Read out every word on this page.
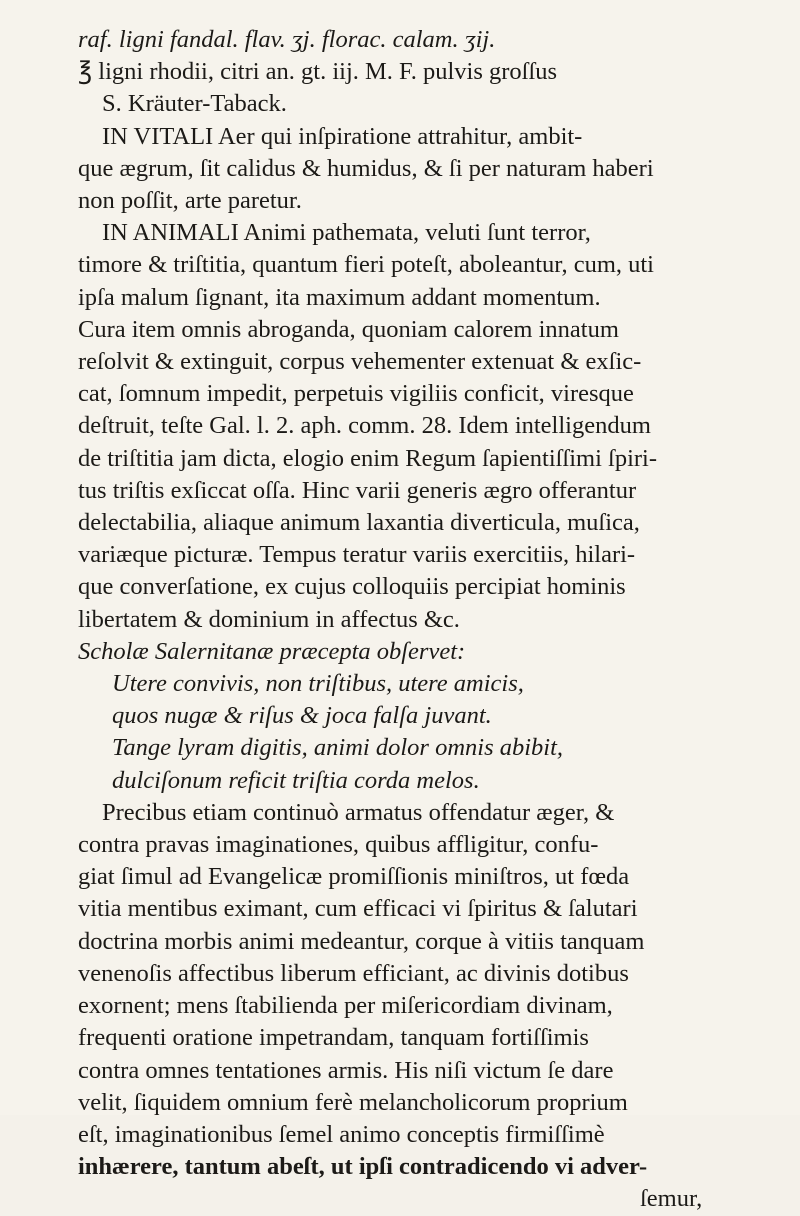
raf. ligni fandal. flav. ʒj. florac. calam. ʒij.
℥ ligni rhodii, citri an. gt. iij. M. F. pulvis groſſus
S. Kräuter-Taback.
IN VITALI Aer qui inſpiratione attrahitur, ambit-
que ægrum, ſit calidus & humidus, & ſi per naturam haberi
non poſſit, arte paretur.
IN ANIMALI Animi pathemata, veluti ſunt terror,
timore & triſtitia, quantum fieri poteſt, aboleantur, cum, uti
ipſa malum ſignant, ita maximum addant momentum.
Cura item omnis abroganda, quoniam calorem innatum
reſolvit & extinguit, corpus vehementer extenuat & exſic-
cat, ſomnum impedit, perpetuis vigiliis conficit, viresque
deſtruit, teſte Gal. l. 2. aph. comm. 28. Idem intelligendum
de triſtitia jam dicta, elogio enim Regum ſapientiſſimi ſpiri-
tus triſtis exſiccat oſſa. Hinc varii generis ægro offerantur
delectabilia, aliaque animum laxantia diverticula, muſica,
variæque picturæ. Tempus teratur variis exercitiis, hilari-
que converſatione, ex cujus colloquiis percipiat hominis
libertatem & dominium in affectus &c.
Scholæ Salernitanæ præcepta obſervet:
Utere convivis, non triſtibus, utere amicis,
quos nugæ & riſus & joca falſa juvant.
Tange lyram digitis, animi dolor omnis abibit,
dulciſonum reficit triſtia corda melos.
Precibus etiam continuò armatus offendatur æger, &
contra pravas imaginationes, quibus affligitur, confu-
giat ſimul ad Evangelicæ promiſſionis miniſtros, ut fœda
vitia mentibus eximant, cum efficaci vi ſpiritus & ſalutari
doctrina morbis animi medeantur, corque à vitiis tanquam
venenoſis affectibus liberum efficiant, ac divinis dotibus
exornent; mens ſtabilienda per miſericordiam divinam,
frequenti oratione impetrandam, tanquam fortiſſimis
contra omnes tentationes armis. His niſi victum ſe dare
velit, ſiquidem omnium ferè melancholicorum proprium
eſt, imaginationibus ſemel animo conceptis firmiſſimè
inhærere, tantum abeſt, ut ipſi contradicendo vi adver-
ſemur,
